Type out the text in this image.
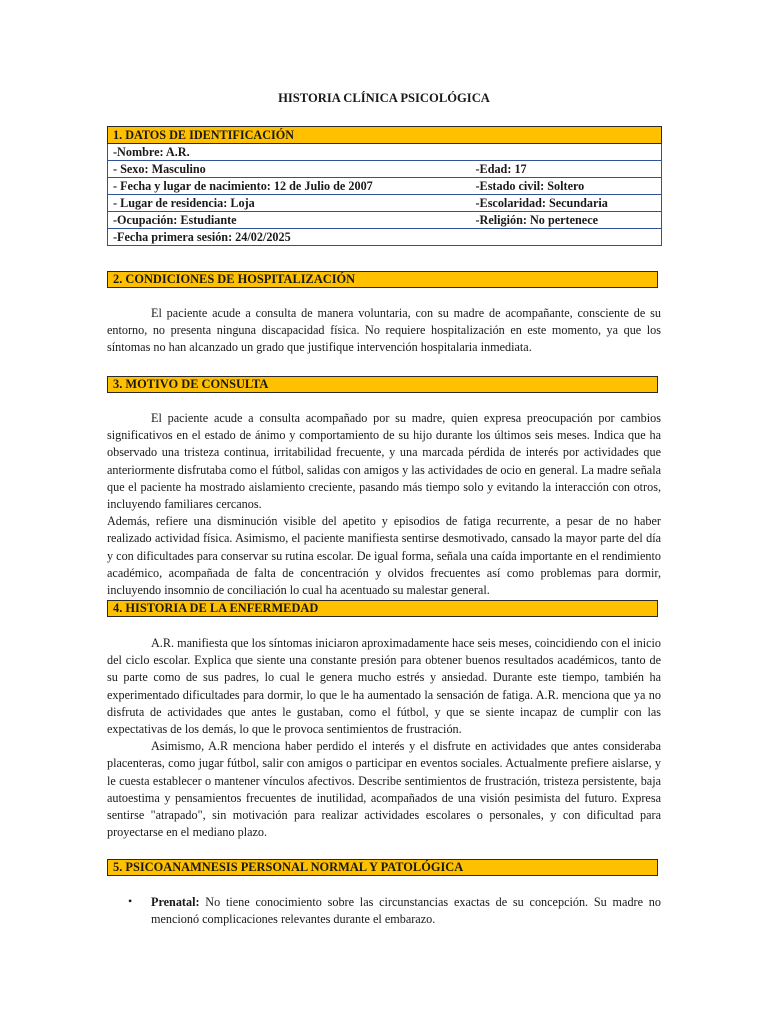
HISTORIA CLÍNICA PSICOLÓGICA
1. DATOS DE IDENTIFICACIÓN	
-Nombre: A.R.	
- Sexo: Masculino	-Edad: 17
- Fecha y lugar de nacimiento: 12 de Julio de 2007	-Estado civil: Soltero
- Lugar de residencia: Loja	-Escolaridad: Secundaria
-Ocupación: Estudiante	-Religión: No pertenece
-Fecha primera sesión: 24/02/2025	
2. CONDICIONES DE HOSPITALIZACIÓN

El paciente acude a consulta de manera voluntaria, con su madre de acompañante, consciente de su entorno, no presenta ninguna discapacidad física. No requiere hospitalización en este momento, ya que los síntomas no han alcanzado un grado que justifique intervención hospitalaria inmediata.

3. MOTIVO DE CONSULTA

El paciente acude a consulta acompañado por su madre, quien expresa preocupación por cambios significativos en el estado de ánimo y comportamiento de su hijo durante los últimos seis meses. Indica que ha observado una tristeza continua, irritabilidad frecuente, y una marcada pérdida de interés por actividades que anteriormente disfrutaba como el fútbol, salidas con amigos y las actividades de ocio en general. La madre señala que el paciente ha mostrado aislamiento creciente, pasando más tiempo solo y evitando la interacción con otros, incluyendo familiares cercanos.

Además, refiere una disminución visible del apetito y episodios de fatiga recurrente, a pesar de no haber realizado actividad física. Asimismo, el paciente manifiesta sentirse desmotivado, cansado la mayor parte del día y con dificultades para conservar su rutina escolar. De igual forma, señala una caída importante en el rendimiento académico, acompañada de falta de concentración y olvidos frecuentes así como problemas para dormir, incluyendo insomnio de conciliación lo cual ha acentuado su malestar general.

4. HISTORIA DE LA ENFERMEDAD

A.R. manifiesta que los síntomas iniciaron aproximadamente hace seis meses, coincidiendo con el inicio del ciclo escolar. Explica que siente una constante presión para obtener buenos resultados académicos, tanto de su parte como de sus padres, lo cual le genera mucho estrés y ansiedad. Durante este tiempo, también ha experimentado dificultades para dormir, lo que le ha aumentado la sensación de fatiga. A.R. menciona que ya no disfruta de actividades que antes le gustaban, como el fútbol, y que se siente incapaz de cumplir con las expectativas de los demás, lo que le provoca sentimientos de frustración.

Asimismo, A.R menciona haber perdido el interés y el disfrute en actividades que antes consideraba placenteras, como jugar fútbol, salir con amigos o participar en eventos sociales. Actualmente prefiere aislarse, y le cuesta establecer o mantener vínculos afectivos. Describe sentimientos de frustración, tristeza persistente, baja autoestima y pensamientos frecuentes de inutilidad, acompañados de una visión pesimista del futuro. Expresa sentirse "atrapado", sin motivación para realizar actividades escolares o personales, y con dificultad para proyectarse en el mediano plazo.

5. PSICOANAMNESIS PERSONAL NORMAL Y PATOLÓGICA
• Prenatal: No tiene conocimiento sobre las circunstancias exactas de su concepción. Su madre no mencionó complicaciones relevantes durante el embarazo.
